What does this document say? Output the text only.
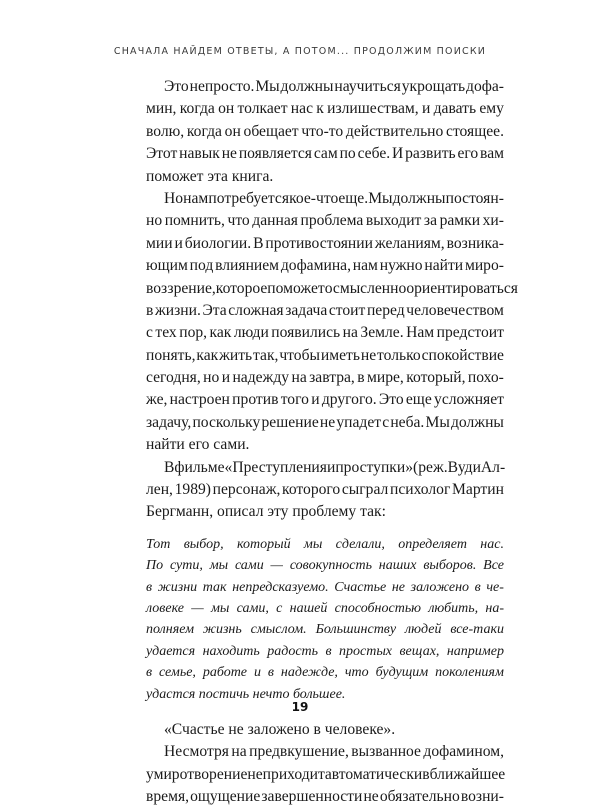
СНАЧАЛА НАЙДЕМ ОТВЕТЫ, А ПОТОМ... ПРОДОЛЖИМ ПОИСКИ
Это непросто. Мы должны научиться укрощать дофа-
мин, когда он толкает нас к излишествам, и давать ему
волю, когда он обещает что-то действительно стоящее.
Этот навык не появляется сам по себе. И развить его вам
поможет эта книга.
Но нам потребуется кое-что еще. Мы должны постоян-
но помнить, что данная проблема выходит за рамки хи-
мии и биологии. В противостоянии желаниям, возника-
ющим под влиянием дофамина, нам нужно найти миро-
воззрение, которое поможет осмысленно ориентироваться
в жизни. Эта сложная задача стоит перед человечеством
с тех пор, как люди появились на Земле. Нам предстоит
понять, как жить так, чтобы иметь не только спокойствие
сегодня, но и надежду на завтра, в мире, который, похо-
же, настроен против того и другого. Это еще усложняет
задачу, поскольку решение не упадет с неба. Мы должны
найти его сами.
В фильме «Преступления и проступки» (реж. Вуди Ал-
лен, 1989) персонаж, которого сыграл психолог Мартин
Бергманн, описал эту проблему так:
Тот выбор, который мы сделали, определяет нас.
По сути, мы сами — совокупность наших выборов. Все
в жизни так непредсказуемо. Счастье не заложено в че-
ловеке — мы сами, с нашей способностью любить, на-
полняем жизнь смыслом. Большинству людей все-таки
удается находить радость в простых вещах, например
в семье, работе и в надежде, что будущим поколениям
удастся постичь нечто большее.
«Счастье не заложено в человеке».
Несмотря на предвкушение, вызванное дофамином,
умиротворение не приходит автоматически в ближайшее
время, ощущение завершенности не обязательно возни-
19
